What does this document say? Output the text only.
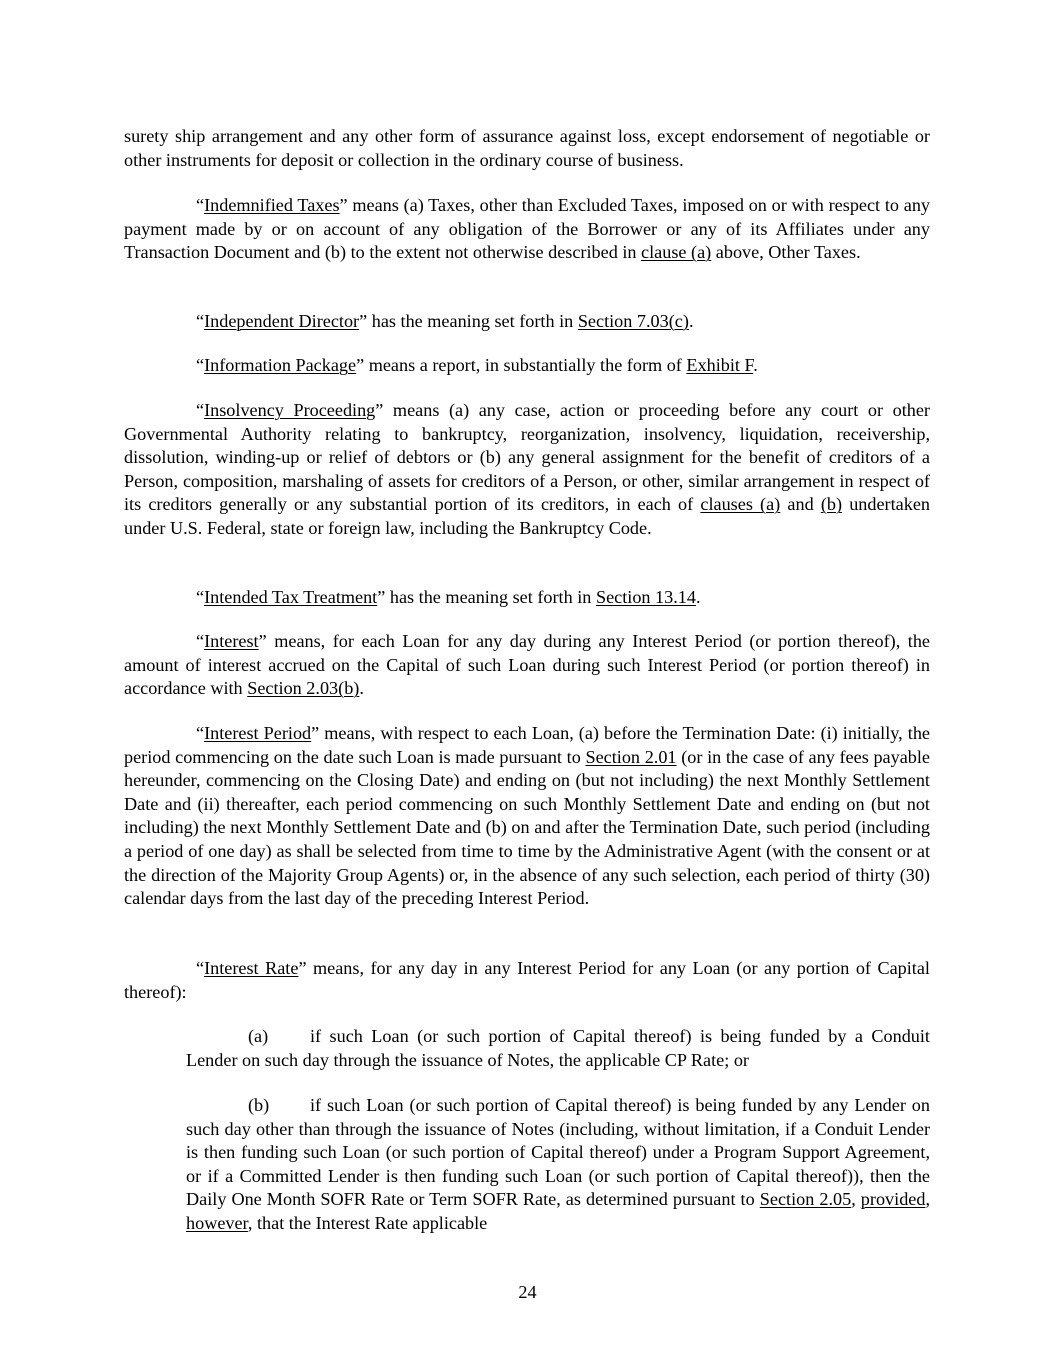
surety ship arrangement and any other form of assurance against loss, except endorsement of negotiable or other instruments for deposit or collection in the ordinary course of business.

“Indemnified Taxes” means (a) Taxes, other than Excluded Taxes, imposed on or with respect to any payment made by or on account of any obligation of the Borrower or any of its Affiliates under any Transaction Document and (b) to the extent not otherwise described in clause (a) above, Other Taxes.

“Independent Director” has the meaning set forth in Section 7.03(c).

“Information Package” means a report, in substantially the form of Exhibit F.

“Insolvency Proceeding” means (a) any case, action or proceeding before any court or other Governmental Authority relating to bankruptcy, reorganization, insolvency, liquidation, receivership, dissolution, winding-up or relief of debtors or (b) any general assignment for the benefit of creditors of a Person, composition, marshaling of assets for creditors of a Person, or other, similar arrangement in respect of its creditors generally or any substantial portion of its creditors, in each of clauses (a) and (b) undertaken under U.S. Federal, state or foreign law, including the Bankruptcy Code.

“Intended Tax Treatment” has the meaning set forth in Section 13.14.

“Interest” means, for each Loan for any day during any Interest Period (or portion thereof), the amount of interest accrued on the Capital of such Loan during such Interest Period (or portion thereof) in accordance with Section 2.03(b).

“Interest Period” means, with respect to each Loan, (a) before the Termination Date: (i) initially, the period commencing on the date such Loan is made pursuant to Section 2.01 (or in the case of any fees payable hereunder, commencing on the Closing Date) and ending on (but not including) the next Monthly Settlement Date and (ii) thereafter, each period commencing on such Monthly Settlement Date and ending on (but not including) the next Monthly Settlement Date and (b) on and after the Termination Date, such period (including a period of one day) as shall be selected from time to time by the Administrative Agent (with the consent or at the direction of the Majority Group Agents) or, in the absence of any such selection, each period of thirty (30) calendar days from the last day of the preceding Interest Period.

“Interest Rate” means, for any day in any Interest Period for any Loan (or any portion of Capital thereof):

(a) if such Loan (or such portion of Capital thereof) is being funded by a Conduit Lender on such day through the issuance of Notes, the applicable CP Rate; or

(b) if such Loan (or such portion of Capital thereof) is being funded by any Lender on such day other than through the issuance of Notes (including, without limitation, if a Conduit Lender is then funding such Loan (or such portion of Capital thereof) under a Program Support Agreement, or if a Committed Lender is then funding such Loan (or such portion of Capital thereof)), then the Daily One Month SOFR Rate or Term SOFR Rate, as determined pursuant to Section 2.05, provided, however, that the Interest Rate applicable

24
